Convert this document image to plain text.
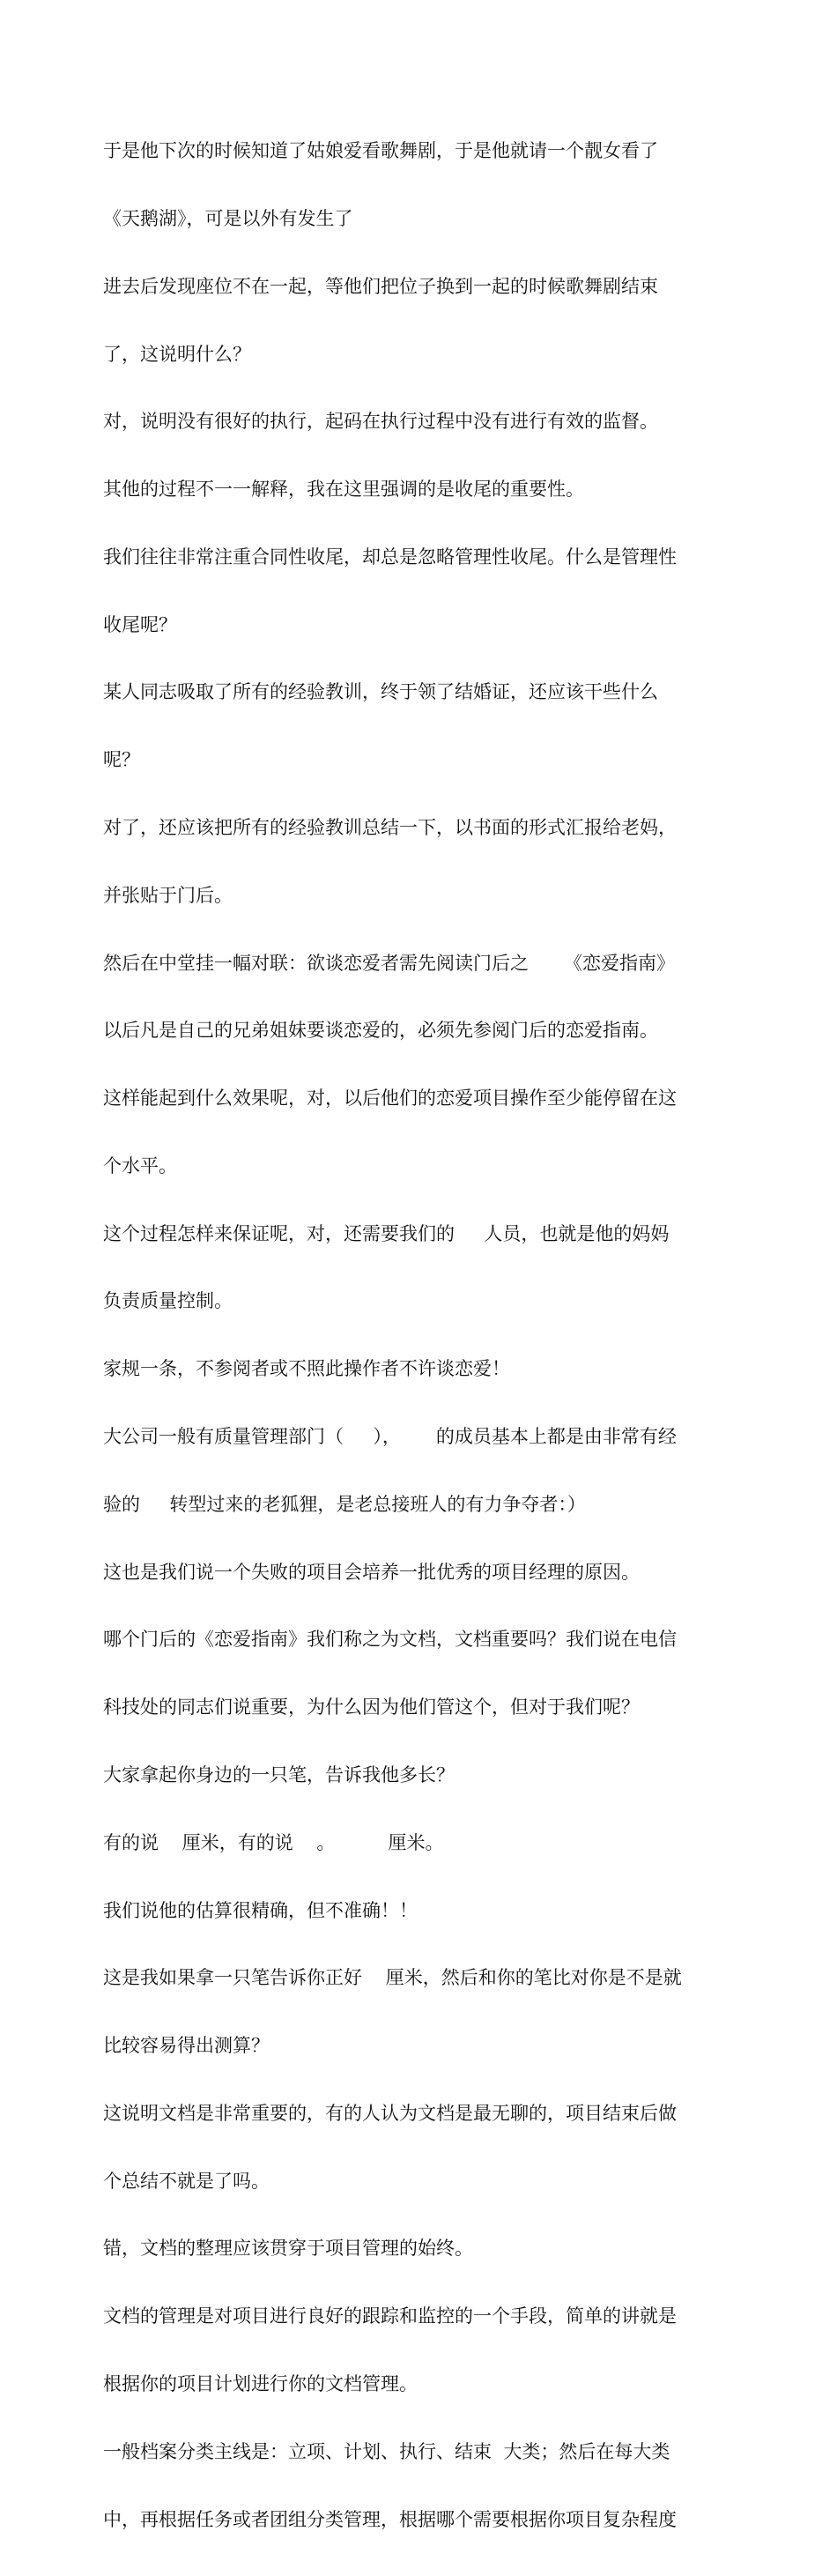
于是他下次的时候知道了姑娘爱看歌舞剧，于是他就请一个靓女看了

《天鹅湖》，可是以外有发生了

进去后发现座位不在一起，等他们把位子换到一起的时候歌舞剧结束

了，这说明什么？

对，说明没有很好的执行，起码在执行过程中没有进行有效的监督。

其他的过程不一一解释，我在这里强调的是收尾的重要性。

我们往往非常注重合同性收尾，却总是忽略管理性收尾。什么是管理性

收尾呢？

某人同志吸取了所有的经验教训，终于领了结婚证，还应该干些什么

呢？

对了，还应该把所有的经验教训总结一下，以书面的形式汇报给老妈，

并张贴于门后。

然后在中堂挂一幅对联：欲谈恋爱者需先阅读门后之      《恋爱指南》

以后凡是自己的兄弟姐妹要谈恋爱的，必须先参阅门后的恋爱指南。

这样能起到什么效果呢，对，以后他们的恋爱项目操作至少能停留在这

个水平。

这个过程怎样来保证呢，对，还需要我们的     人员，也就是他的妈妈

负责质量控制。

家规一条，不参阅者或不照此操作者不许谈恋爱！

大公司一般有质量管理部门（     ），      的成员基本上都是由非常有经

验的     转型过来的老狐狸，是老总接班人的有力争夺者：）

这也是我们说一个失败的项目会培养一批优秀的项目经理的原因。

哪个门后的《恋爱指南》我们称之为文档，文档重要吗？我们说在电信

科技处的同志们说重要，为什么因为他们管这个，但对于我们呢？

大家拿起你身边的一只笔，告诉我他多长？

有的说    厘米，有的说    。         厘米。

我们说他的估算很精确，但不准确！！

这是我如果拿一只笔告诉你正好    厘米，然后和你的笔比对你是不是就

比较容易得出测算？

这说明文档是非常重要的，有的人认为文档是最无聊的，项目结束后做

个总结不就是了吗。

错，文档的整理应该贯穿于项目管理的始终。

文档的管理是对项目进行良好的跟踪和监控的一个手段，简单的讲就是

根据你的项目计划进行你的文档管理。

一般档案分类主线是：立项、计划、执行、结束  大类；然后在每大类

中，再根据任务或者团组分类管理，根据哪个需要根据你项目复杂程度
